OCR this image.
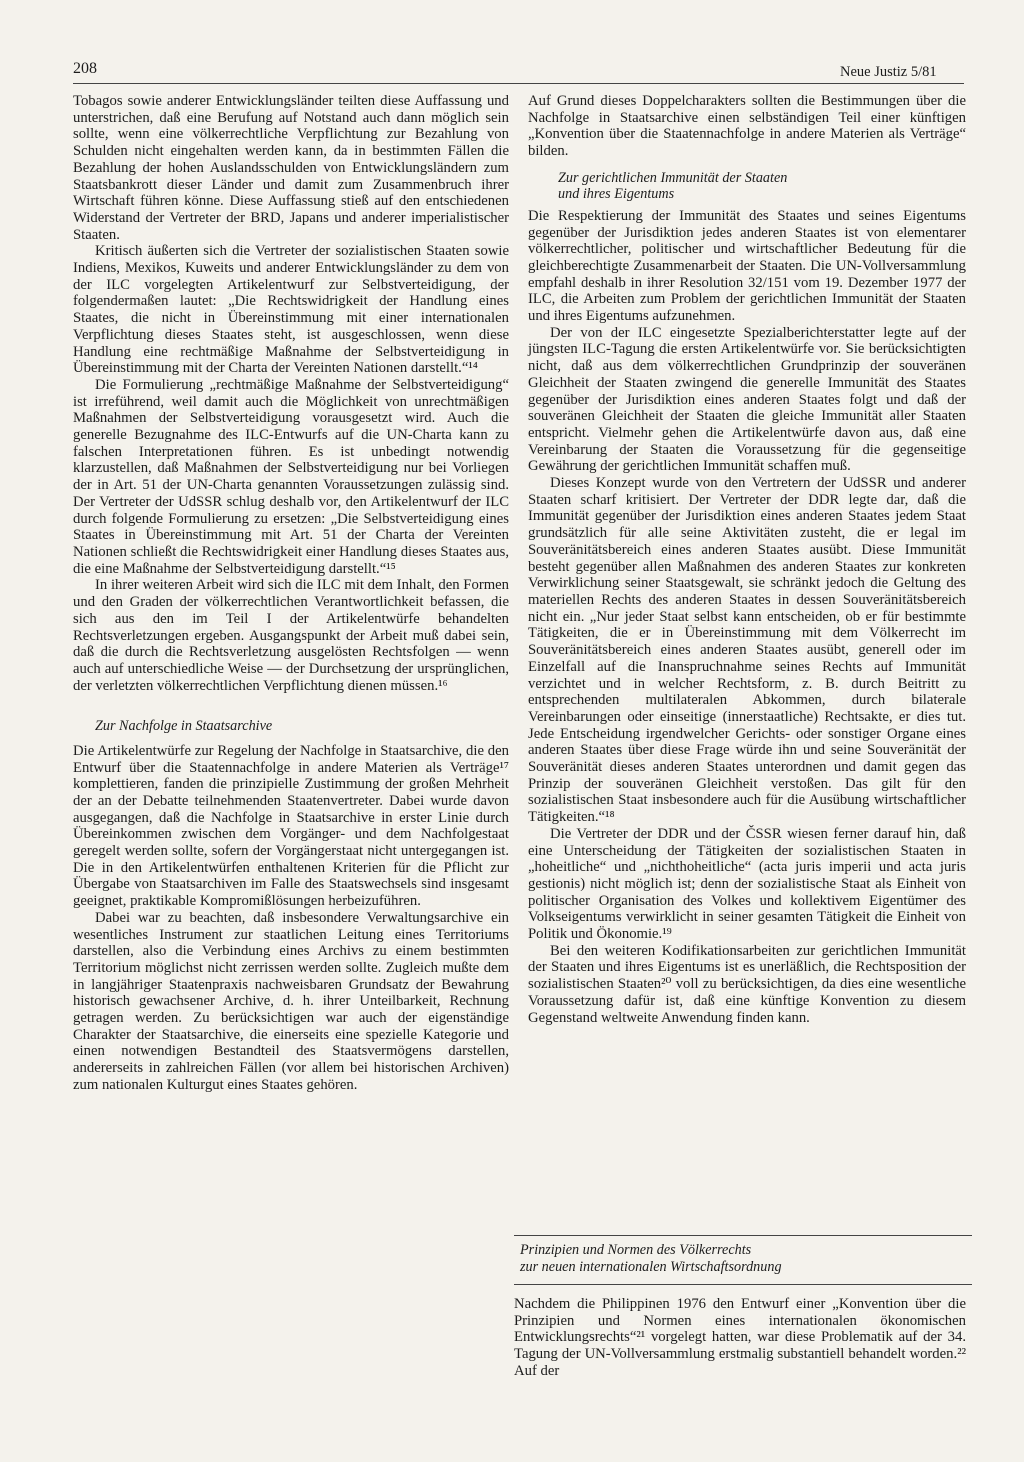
208	Neue Justiz 5/81

Tobagos sowie anderer Entwicklungsländer teilten diese Auffassung und unterstrichen, daß eine Berufung auf Notstand auch dann möglich sein sollte, wenn eine völkerrechtliche Verpflichtung zur Bezahlung von Schulden nicht eingehalten werden kann, da in bestimmten Fällen die Bezahlung der hohen Auslandsschulden von Entwicklungsländern zum Staatsbankrott dieser Länder und damit zum Zusammenbruch ihrer Wirtschaft führen könne. Diese Auffassung stieß auf den entschiedenen Widerstand der Vertreter der BRD, Japans und anderer imperialistischer Staaten.

Kritisch äußerten sich die Vertreter der sozialistischen Staaten sowie Indiens, Mexikos, Kuweits und anderer Entwicklungsländer zu dem von der ILC vorgelegten Artikelentwurf zur Selbstverteidigung, der folgendermaßen lautet: „Die Rechtswidrigkeit der Handlung eines Staates, die nicht in Übereinstimmung mit einer internationalen Verpflichtung dieses Staates steht, ist ausgeschlossen, wenn diese Handlung eine rechtmäßige Maßnahme der Selbstverteidigung in Übereinstimmung mit der Charta der Vereinten Nationen darstellt.“¹⁴

Die Formulierung „rechtmäßige Maßnahme der Selbstverteidigung“ ist irreführend, weil damit auch die Möglichkeit von unrechtmäßigen Maßnahmen der Selbstverteidigung vorausgesetzt wird. Auch die generelle Bezugnahme des ILC-Entwurfs auf die UN-Charta kann zu falschen Interpretationen führen. Es ist unbedingt notwendig klarzustellen, daß Maßnahmen der Selbstverteidigung nur bei Vorliegen der in Art. 51 der UN-Charta genannten Voraussetzungen zulässig sind. Der Vertreter der UdSSR schlug deshalb vor, den Artikelentwurf der ILC durch folgende Formulierung zu ersetzen: „Die Selbstverteidigung eines Staates in Übereinstimmung mit Art. 51 der Charta der Vereinten Nationen schließt die Rechtswidrigkeit einer Handlung dieses Staates aus, die eine Maßnahme der Selbstverteidigung darstellt.“¹⁵

In ihrer weiteren Arbeit wird sich die ILC mit dem Inhalt, den Formen und den Graden der völkerrechtlichen Verantwortlichkeit befassen, die sich aus den im Teil I der Artikelentwürfe behandelten Rechtsverletzungen ergeben. Ausgangspunkt der Arbeit muß dabei sein, daß die durch die Rechtsverletzung ausgelösten Rechtsfolgen — wenn auch auf unterschiedliche Weise — der Durchsetzung der ursprünglichen, der verletzten völkerrechtlichen Verpflichtung dienen müssen.¹⁶

Zur Nachfolge in Staatsarchive

Die Artikelentwürfe zur Regelung der Nachfolge in Staatsarchive, die den Entwurf über die Staatennachfolge in andere Materien als Verträge¹⁷ komplettieren, fanden die prinzipielle Zustimmung der großen Mehrheit der an der Debatte teilnehmenden Staatenvertreter. Dabei wurde davon ausgegangen, daß die Nachfolge in Staatsarchive in erster Linie durch Übereinkommen zwischen dem Vorgänger- und dem Nachfolgestaat geregelt werden sollte, sofern der Vorgängerstaat nicht untergegangen ist. Die in den Artikelentwürfen enthaltenen Kriterien für die Pflicht zur Übergabe von Staatsarchiven im Falle des Staatswechsels sind insgesamt geeignet, praktikable Kompromißlösungen herbeizuführen.

Dabei war zu beachten, daß insbesondere Verwaltungsarchive ein wesentliches Instrument zur staatlichen Leitung eines Territoriums darstellen, also die Verbindung eines Archivs zu einem bestimmten Territorium möglichst nicht zerrissen werden sollte. Zugleich mußte dem in langjähriger Staatenpraxis nachweisbaren Grundsatz der Bewahrung historisch gewachsener Archive, d. h. ihrer Unteilbarkeit, Rechnung getragen werden. Zu berücksichtigen war auch der eigenständige Charakter der Staatsarchive, die einerseits eine spezielle Kategorie und einen notwendigen Bestandteil des Staatsvermögens darstellen, andererseits in zahlreichen Fällen (vor allem bei historischen Archiven) zum nationalen Kulturgut eines Staates gehören.

Auf Grund dieses Doppelcharakters sollten die Bestimmungen über die Nachfolge in Staatsarchive einen selbständigen Teil einer künftigen „Konvention über die Staatennachfolge in andere Materien als Verträge“ bilden.

Zur gerichtlichen Immunität der Staaten
und ihres Eigentums

Die Respektierung der Immunität des Staates und seines Eigentums gegenüber der Jurisdiktion jedes anderen Staates ist von elementarer völkerrechtlicher, politischer und wirtschaftlicher Bedeutung für die gleichberechtigte Zusammenarbeit der Staaten. Die UN-Vollversammlung empfahl deshalb in ihrer Resolution 32/151 vom 19. Dezember 1977 der ILC, die Arbeiten zum Problem der gerichtlichen Immunität der Staaten und ihres Eigentums aufzunehmen.

Der von der ILC eingesetzte Spezialberichterstatter legte auf der jüngsten ILC-Tagung die ersten Artikelentwürfe vor. Sie berücksichtigten nicht, daß aus dem völkerrechtlichen Grundprinzip der souveränen Gleichheit der Staaten zwingend die generelle Immunität des Staates gegenüber der Jurisdiktion eines anderen Staates folgt und daß der souveränen Gleichheit der Staaten die gleiche Immunität aller Staaten entspricht. Vielmehr gehen die Artikelentwürfe davon aus, daß eine Vereinbarung der Staaten die Voraussetzung für die gegenseitige Gewährung der gerichtlichen Immunität schaffen muß.

Dieses Konzept wurde von den Vertretern der UdSSR und anderer Staaten scharf kritisiert. Der Vertreter der DDR legte dar, daß die Immunität gegenüber der Jurisdiktion eines anderen Staates jedem Staat grundsätzlich für alle seine Aktivitäten zusteht, die er legal im Souveränitätsbereich eines anderen Staates ausübt. Diese Immunität besteht gegenüber allen Maßnahmen des anderen Staates zur konkreten Verwirklichung seiner Staatsgewalt, sie schränkt jedoch die Geltung des materiellen Rechts des anderen Staates in dessen Souveränitätsbereich nicht ein. „Nur jeder Staat selbst kann entscheiden, ob er für bestimmte Tätigkeiten, die er in Übereinstimmung mit dem Völkerrecht im Souveränitätsbereich eines anderen Staates ausübt, generell oder im Einzelfall auf die Inanspruchnahme seines Rechts auf Immunität verzichtet und in welcher Rechtsform, z. B. durch Beitritt zu entsprechenden multilateralen Abkommen, durch bilaterale Vereinbarungen oder einseitige (innerstaatliche) Rechtsakte, er dies tut. Jede Entscheidung irgendwelcher Gerichts- oder sonstiger Organe eines anderen Staates über diese Frage würde ihn und seine Souveränität der Souveränität dieses anderen Staates unterordnen und damit gegen das Prinzip der souveränen Gleichheit verstoßen. Das gilt für den sozialistischen Staat insbesondere auch für die Ausübung wirtschaftlicher Tätigkeiten.“¹⁸

Die Vertreter der DDR und der ČSSR wiesen ferner darauf hin, daß eine Unterscheidung der Tätigkeiten der sozialistischen Staaten in „hoheitliche“ und „nichthoheitliche“ (acta juris imperii und acta juris gestionis) nicht möglich ist; denn der sozialistische Staat als Einheit von politischer Organisation des Volkes und kollektivem Eigentümer des Volkseigentums verwirklicht in seiner gesamten Tätigkeit die Einheit von Politik und Ökonomie.¹⁹

Bei den weiteren Kodifikationsarbeiten zur gerichtlichen Immunität der Staaten und ihres Eigentums ist es unerläßlich, die Rechtsposition der sozialistischen Staaten²⁰ voll zu berücksichtigen, da dies eine wesentliche Voraussetzung dafür ist, daß eine künftige Konvention zu diesem Gegenstand weltweite Anwendung finden kann.

Prinzipien und Normen des Völkerrechts
zur neuen internationalen Wirtschaftsordnung

Nachdem die Philippinen 1976 den Entwurf einer „Konvention über die Prinzipien und Normen eines internationalen ökonomischen Entwicklungsrechts“²¹ vorgelegt hatten, war diese Problematik auf der 34. Tagung der UN-Vollversammlung erstmalig substantiell behandelt worden.²² Auf der
